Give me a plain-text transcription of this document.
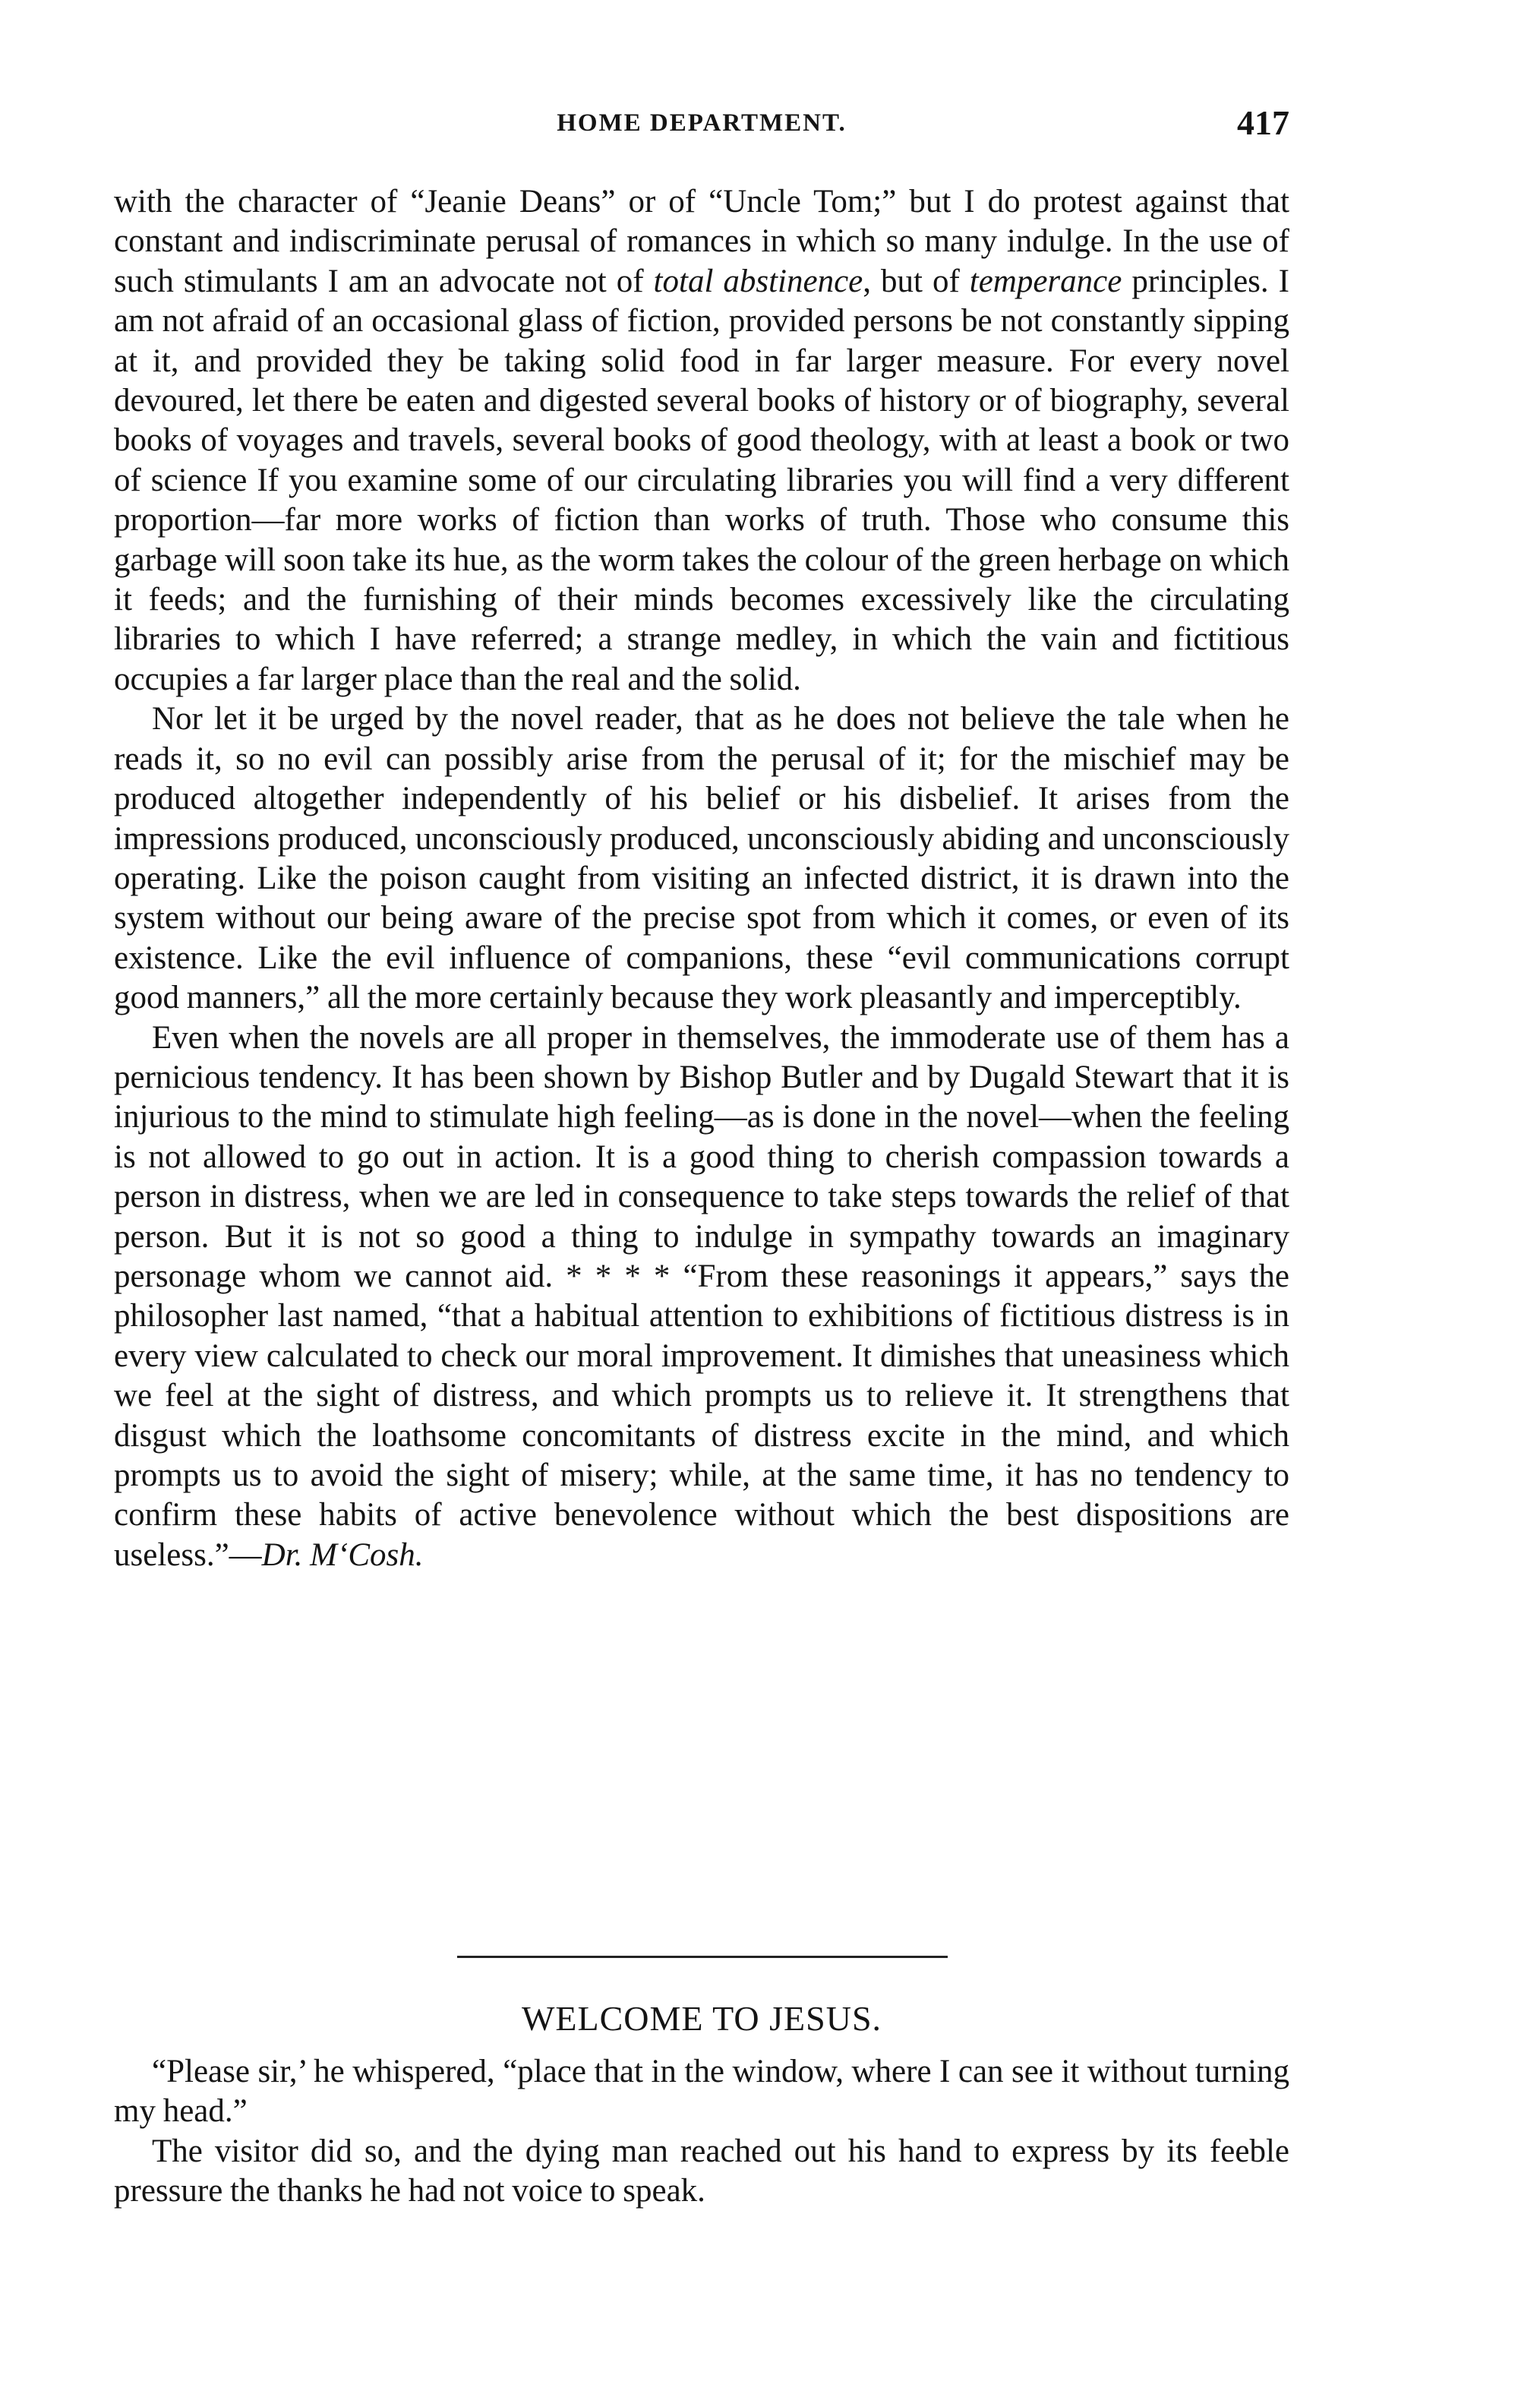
HOME DEPARTMENT.	417

with the character of “Jeanie Deans” or of “Uncle Tom;” but I do protest against that constant and indiscriminate perusal of romances in which so many indulge. In the use of such stimulants I am an advocate not of total abstinence, but of temperance principles. I am not afraid of an occasional glass of fiction, provided persons be not constantly sipping at it, and provided they be taking solid food in far larger measure. For every novel devoured, let there be eaten and digested several books of history or of biography, several books of voyages and travels, several books of good theology, with at least a book or two of science If you examine some of our circulating libraries you will find a very different proportion—far more works of fiction than works of truth. Those who consume this garbage will soon take its hue, as the worm takes the colour of the green herbage on which it feeds; and the furnishing of their minds becomes excessively like the circulating libraries to which I have referred; a strange medley, in which the vain and fictitious occupies a far larger place than the real and the solid.

Nor let it be urged by the novel reader, that as he does not believe the tale when he reads it, so no evil can possibly arise from the perusal of it; for the mischief may be produced altogether independently of his belief or his disbelief. It arises from the impressions produced, unconsciously produced, unconsciously abiding and unconsciously operating. Like the poison caught from visiting an infected district, it is drawn into the system without our being aware of the precise spot from which it comes, or even of its existence. Like the evil influence of companions, these “evil communications corrupt good manners,” all the more certainly because they work pleasantly and imperceptibly.

Even when the novels are all proper in themselves, the immoderate use of them has a pernicious tendency. It has been shown by Bishop Butler and by Dugald Stewart that it is injurious to the mind to stimulate high feeling—as is done in the novel—when the feeling is not allowed to go out in action. It is a good thing to cherish compassion towards a person in distress, when we are led in consequence to take steps towards the relief of that person. But it is not so good a thing to indulge in sympathy towards an imaginary personage whom we cannot aid. * * * * “From these reasonings it appears,” says the philosopher last named, “that a habitual attention to exhibitions of fictitious distress is in every view calculated to check our moral improvement. It dimishes that uneasiness which we feel at the sight of distress, and which prompts us to relieve it. It strengthens that disgust which the loathsome concomitants of distress excite in the mind, and which prompts us to avoid the sight of misery; while, at the same time, it has no tendency to confirm these habits of active benevolence without which the best dispositions are useless.”—Dr. M‘Cosh.

WELCOME TO JESUS.

“Please sir,’ he whispered, “place that in the window, where I can see it without turning my head.”

The visitor did so, and the dying man reached out his hand to express by its feeble pressure the thanks he had not voice to speak.
